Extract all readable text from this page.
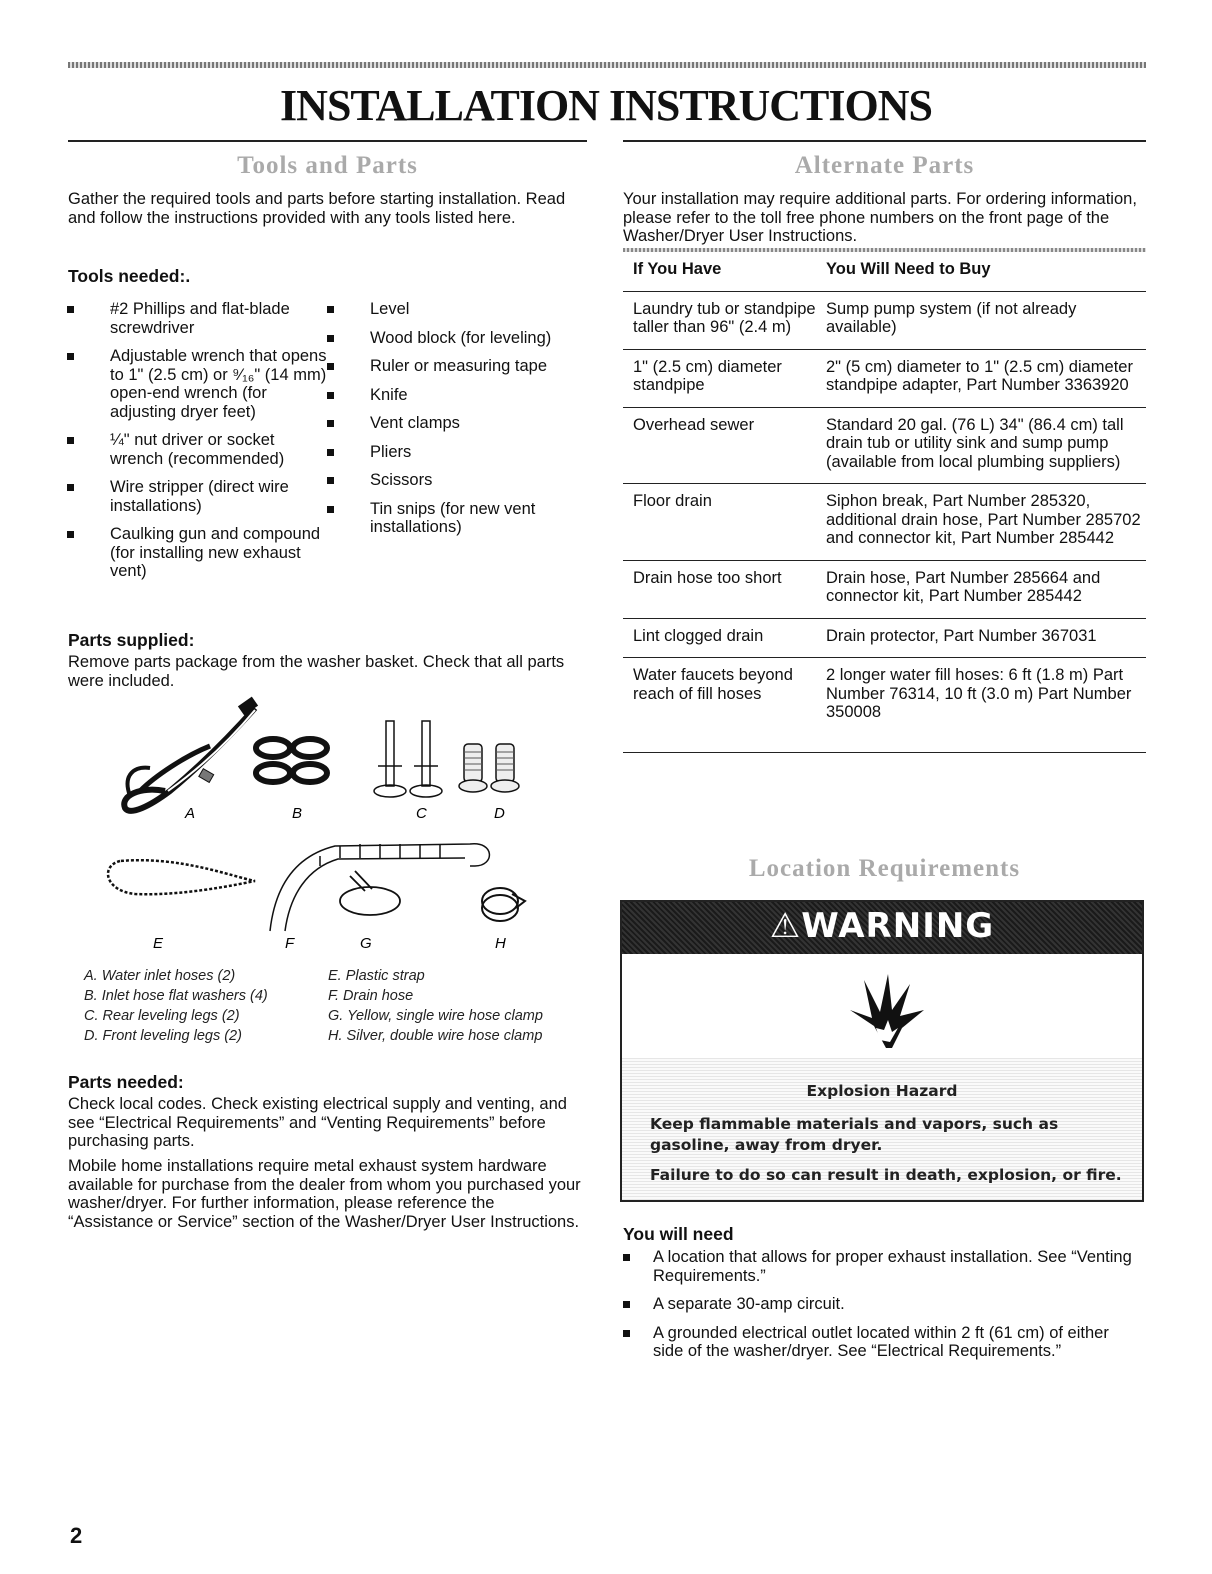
INSTALLATION INSTRUCTIONS
Tools and Parts

Gather the required tools and parts before starting installation. Read and follow the instructions provided with any tools listed here.

Tools needed:.

#2 Phillips and flat-blade screwdriver
Adjustable wrench that opens to 1" (2.5 cm) or ⁹⁄₁₆" (14 mm) open-end wrench (for adjusting dryer feet)
¼" nut driver or socket wrench (recommended)
Wire stripper (direct wire installations)
Caulking gun and compound (for installing new exhaust vent)
Level
Wood block (for leveling)
Ruler or measuring tape
Knife
Vent clamps
Pliers
Scissors
Tin snips (for new vent installations)

Parts supplied:

Remove parts package from the washer basket. Check that all parts were included.

A	B	C	D
E	F	G	H
A. Water inlet hoses (2)
B. Inlet hose flat washers (4)
C. Rear leveling legs (2)
D. Front leveling legs (2)
E. Plastic strap
F. Drain hose
G. Yellow, single wire hose clamp
H. Silver, double wire hose clamp

Parts needed:

Check local codes. Check existing electrical supply and venting, and see “Electrical Requirements” and “Venting Requirements” before purchasing parts.

Mobile home installations require metal exhaust system hardware available for purchase from the dealer from whom you purchased your washer/dryer. For further information, please reference the “Assistance or Service” section of the Washer/Dryer User Instructions.

Alternate Parts

Your installation may require additional parts. For ordering information, please refer to the toll free phone numbers on the front page of the Washer/Dryer User Instructions.

If You Have	You Will Need to Buy
Laundry tub or standpipe taller than 96" (2.4 m)	Sump pump system (if not already available)
1" (2.5 cm) diameter standpipe	2" (5 cm) diameter to 1" (2.5 cm) diameter standpipe adapter, Part Number 3363920
Overhead sewer	Standard 20 gal. (76 L) 34" (86.4 cm) tall drain tub or utility sink and sump pump (available from local plumbing suppliers)
Floor drain	Siphon break, Part Number 285320, additional drain hose, Part Number 285702 and connector kit, Part Number 285442
Drain hose too short	Drain hose, Part Number 285664 and connector kit, Part Number 285442
Lint clogged drain	Drain protector, Part Number 367031
Water faucets beyond reach of fill hoses	2 longer water fill hoses: 6 ft (1.8 m) Part Number 76314, 10 ft (3.0 m) Part Number 350008
Location Requirements
⚠WARNING

Explosion Hazard

Keep flammable materials and vapors, such as gasoline, away from dryer.

Failure to do so can result in death, explosion, or fire.

You will need

A location that allows for proper exhaust installation. See “Venting Requirements.”
A separate 30-amp circuit.
A grounded electrical outlet located within 2 ft (61 cm) of either side of the washer/dryer. See “Electrical Requirements.”

2
